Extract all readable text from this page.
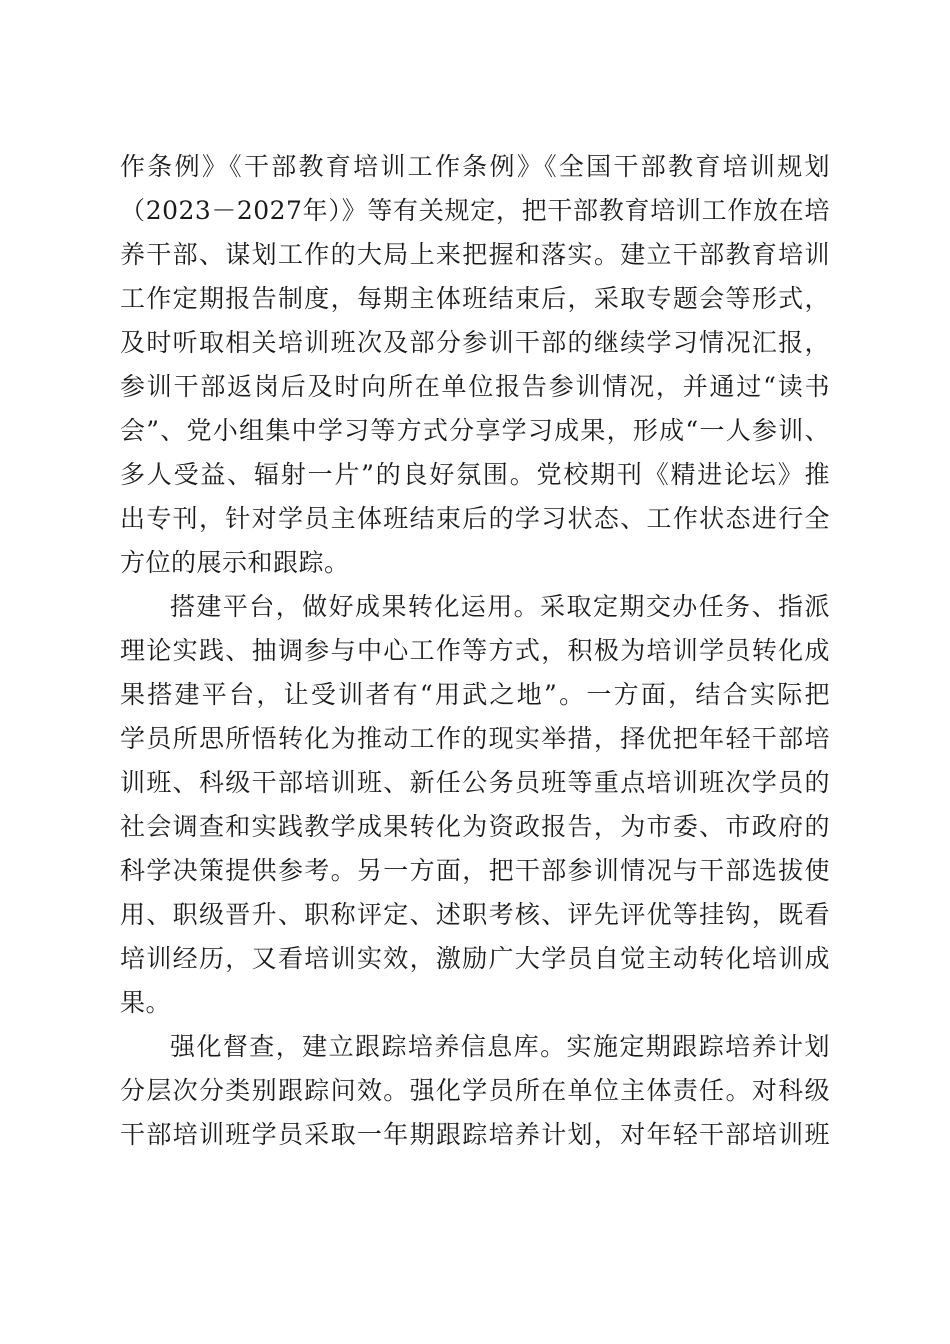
作条例》《干部教育培训工作条例》《全国干部教育培训规划
（2023－2027年）》等有关规定，把干部教育培训工作放在培
养干部、谋划工作的大局上来把握和落实。建立干部教育培训
工作定期报告制度，每期主体班结束后，采取专题会等形式，
及时听取相关培训班次及部分参训干部的继续学习情况汇报，
参训干部返岗后及时向所在单位报告参训情况，并通过“读书
会”、党小组集中学习等方式分享学习成果，形成“一人参训、
多人受益、辐射一片”的良好氛围。党校期刊《精进论坛》推
出专刊，针对学员主体班结束后的学习状态、工作状态进行全
方位的展示和跟踪。
搭建平台，做好成果转化运用。采取定期交办任务、指派
理论实践、抽调参与中心工作等方式，积极为培训学员转化成
果搭建平台，让受训者有“用武之地”。一方面，结合实际把
学员所思所悟转化为推动工作的现实举措，择优把年轻干部培
训班、科级干部培训班、新任公务员班等重点培训班次学员的
社会调查和实践教学成果转化为资政报告，为市委、市政府的
科学决策提供参考。另一方面，把干部参训情况与干部选拔使
用、职级晋升、职称评定、述职考核、评先评优等挂钩，既看
培训经历，又看培训实效，激励广大学员自觉主动转化培训成
果。
强化督查，建立跟踪培养信息库。实施定期跟踪培养计划
分层次分类别跟踪问效。强化学员所在单位主体责任。对科级
干部培训班学员采取一年期跟踪培养计划，对年轻干部培训班
